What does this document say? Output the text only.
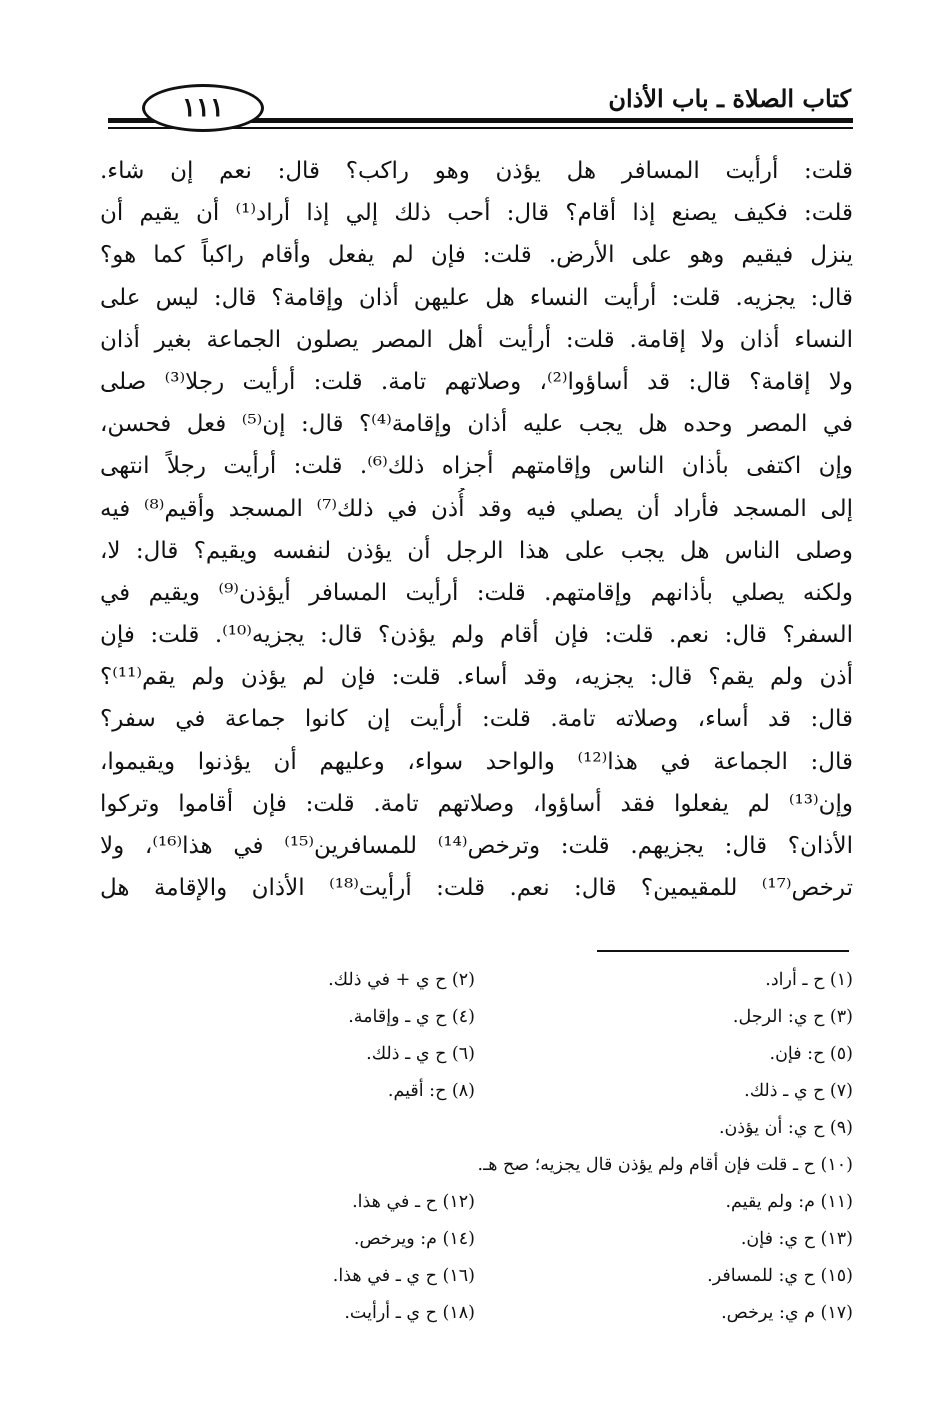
كتاب الصلاة ـ باب الأذان
١١١
قلت: أرأيت المسافر هل يؤذن وهو راكب؟ قال: نعم إن شاء.
قلت: فكيف يصنع إذا أقام؟ قال: أحب ذلك إلي إذا أراد⁽¹⁾ أن يقيم أن
ينزل فيقيم وهو على الأرض. قلت: فإن لم يفعل وأقام راكباً كما هو؟
قال: يجزيه. قلت: أرأيت النساء هل عليهن أذان وإقامة؟ قال: ليس على
النساء أذان ولا إقامة. قلت: أرأيت أهل المصر يصلون الجماعة بغير أذان
ولا إقامة؟ قال: قد أساؤوا⁽²⁾، وصلاتهم تامة. قلت: أرأيت رجلا⁽³⁾ صلى
في المصر وحده هل يجب عليه أذان وإقامة⁽⁴⁾؟ قال: إن⁽⁵⁾ فعل فحسن،
وإن اكتفى بأذان الناس وإقامتهم أجزاه ذلك⁽⁶⁾. قلت: أرأيت رجلاً انتهى
إلى المسجد فأراد أن يصلي فيه وقد أُذن في ذلك⁽⁷⁾ المسجد وأقيم⁽⁸⁾ فيه
وصلى الناس هل يجب على هذا الرجل أن يؤذن لنفسه ويقيم؟ قال: لا،
ولكنه يصلي بأذانهم وإقامتهم. قلت: أرأيت المسافر أيؤذن⁽⁹⁾ ويقيم في
السفر؟ قال: نعم. قلت: فإن أقام ولم يؤذن؟ قال: يجزيه⁽¹⁰⁾. قلت: فإن
أذن ولم يقم؟ قال: يجزيه، وقد أساء. قلت: فإن لم يؤذن ولم يقم⁽¹¹⁾؟
قال: قد أساء، وصلاته تامة. قلت: أرأيت إن كانوا جماعة في سفر؟
قال: الجماعة في هذا⁽¹²⁾ والواحد سواء، وعليهم أن يؤذنوا ويقيموا،
وإن⁽¹³⁾ لم يفعلوا فقد أساؤوا، وصلاتهم تامة. قلت: فإن أقاموا وتركوا
الأذان؟ قال: يجزيهم. قلت: وترخص⁽¹⁴⁾ للمسافرين⁽¹⁵⁾ في هذا⁽¹⁶⁾، ولا
ترخص⁽¹⁷⁾ للمقيمين؟ قال: نعم. قلت: أرأيت⁽¹⁸⁾ الأذان والإقامة هل
(١) ح ـ أراد.
(٢) ح ي + في ذلك.
(٣) ح ي: الرجل.
(٤) ح ي ـ وإقامة.
(٥) ح: فإن.
(٦) ح ي ـ ذلك.
(٧) ح ي ـ ذلك.
(٨) ح: أقيم.
(٩) ح ي: أن يؤذن.
(١٠) ح ـ قلت فإن أقام ولم يؤذن قال يجزيه؛ صح هـ.
(١١) م: ولم يقيم.
(١٢) ح ـ في هذا.
(١٣) ح ي: فإن.
(١٤) م: ويرخص.
(١٥) ح ي: للمسافر.
(١٦) ح ي ـ في هذا.
(١٧) م ي: يرخص.
(١٨) ح ي ـ أرأيت.
